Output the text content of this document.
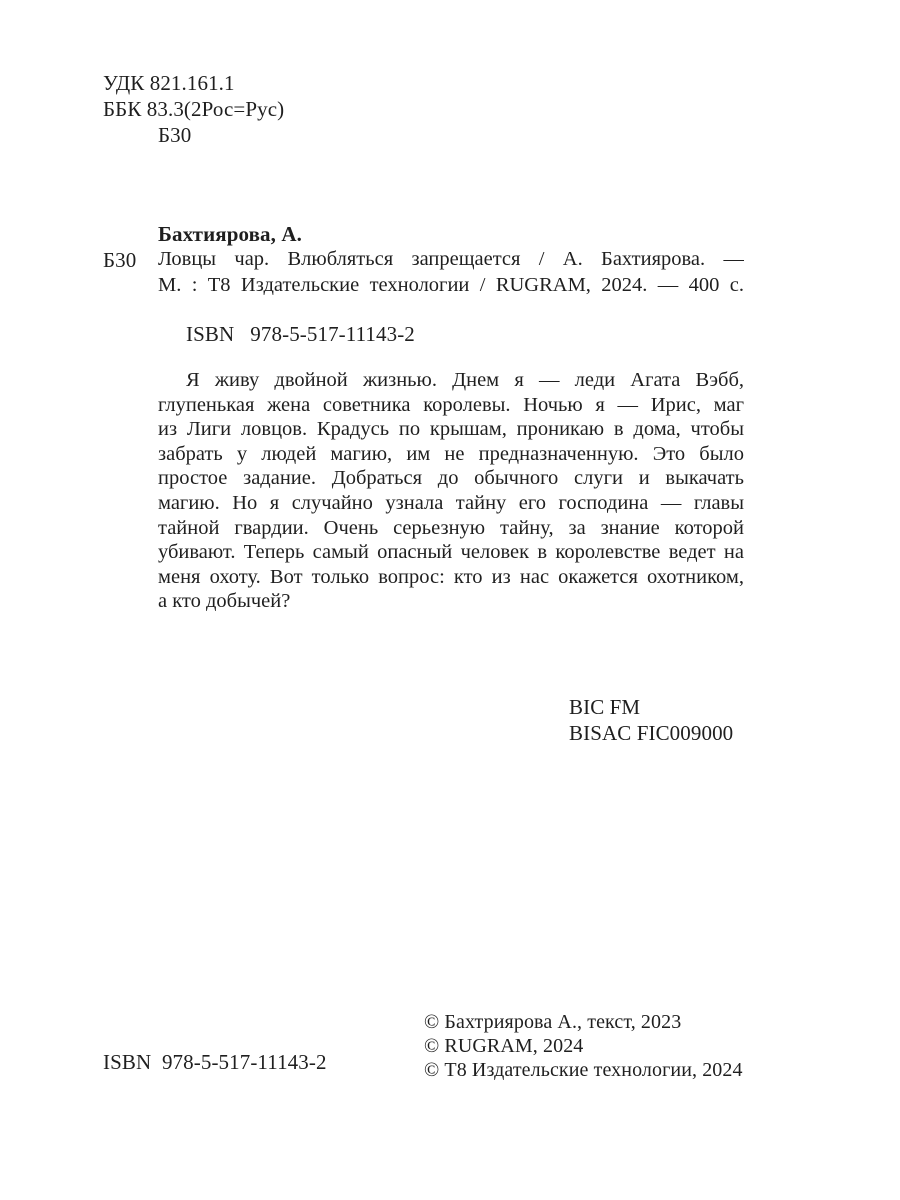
УДК 821.161.1
ББК 83.3(2Рос=Рус)
Б30
Бахтиярова, А.
Б30 Ловцы чар. Влюбляться запрещается / А. Бахтиярова. —
М. : Т8 Издательские технологии / RUGRAM, 2024. — 400 с.
ISBN   978-5-517-11143-2
Я живу двойной жизнью. Днем я — леди Агата Вэбб,
глупенькая жена советника королевы. Ночью я — Ирис, маг
из Лиги ловцов. Крадусь по крышам, проникаю в дома, чтобы
забрать у людей магию, им не предназначенную. Это было
простое задание. Добраться до обычного слуги и выкачать
магию. Но я случайно узнала тайну его господина — главы
тайной гвардии. Очень серьезную тайну, за знание которой
убивают. Теперь самый опасный человек в королевстве ведет на
меня охоту. Вот только вопрос: кто из нас окажется охотником,
а кто добычей?
BIC FM
BISAC FIC009000
ISBN  978-5-517-11143-2
© Бахтриярова А., текст, 2023
© RUGRAM, 2024
© Т8 Издательские технологии, 2024
